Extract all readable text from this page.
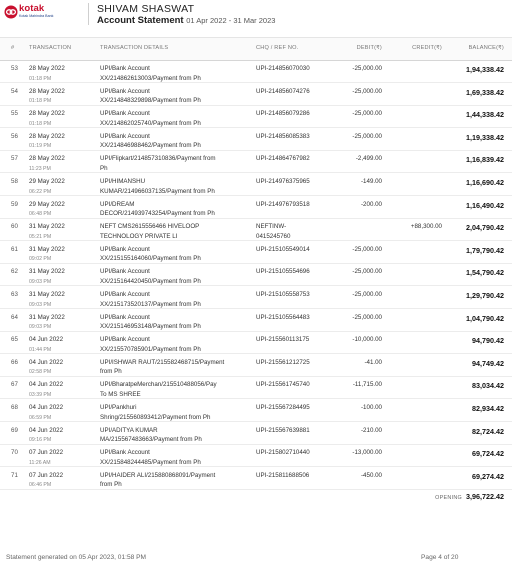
kotak
Kotak Mahindra Bank
SHIVAM SHASWAT
Account Statement 01 Apr 2022 - 31 Mar 2023
#	TRANSACTION	TRANSACTION DETAILS	CHQ / REF NO.	DEBIT(₹)	CREDIT(₹)	BALANCE(₹)
53 28 May 2022
01:18 PM
UPI/Bank Account
XX/214862613003/Payment from Ph
UPI-214856070030	-25,000.00	1,94,338.42
54 28 May 2022
01:18 PM
UPI/Bank Account
XX/214848329898/Payment from Ph
UPI-214856074276	-25,000.00	1,69,338.42
55 28 May 2022
01:18 PM
UPI/Bank Account
XX/214862025740/Payment from Ph
UPI-214856079286	-25,000.00	1,44,338.42
56 28 May 2022
01:19 PM
UPI/Bank Account
XX/214846988462/Payment from Ph
UPI-214856085383	-25,000.00	1,19,338.42
57 28 May 2022
11:23 PM
UPI/Flipkart/214857310836/Payment from
Ph
UPI-214864767982	-2,499.00	1,16,839.42
58 29 May 2022
06:22 PM
UPI/HIMANSHU
KUMAR/214966037135/Payment from Ph
UPI-214976375965	-149.00	1,16,690.42
59 29 May 2022
06:48 PM
UPI/DREAM
DECOR/214939743254/Payment from Ph
UPI-214976793518	-200.00	1,16,490.42
60 31 May 2022
05:21 PM
NEFT CMS2615556466 HIVELOOP
TECHNOLOGY PRIVATE LI
NEFTINW-
0415245760
+88,300.00	2,04,790.42
61 31 May 2022
09:02 PM
UPI/Bank Account
XX/215155164060/Payment from Ph
UPI-215105549014	-25,000.00	1,79,790.42
62 31 May 2022
09:03 PM
UPI/Bank Account
XX/215164420450/Payment from Ph
UPI-215105554696	-25,000.00	1,54,790.42
63 31 May 2022
09:03 PM
UPI/Bank Account
XX/215173520137/Payment from Ph
UPI-215105558753	-25,000.00	1,29,790.42
64 31 May 2022
09:03 PM
UPI/Bank Account
XX/215146953148/Payment from Ph
UPI-215105564483	-25,000.00	1,04,790.42
65 04 Jun 2022
01:44 PM
UPI/Bank Account
XX/215570785901/Payment from Ph
UPI-215560113175	-10,000.00	94,790.42
66 04 Jun 2022
02:58 PM
UPI/ISHWAR RAUT/215582468715/Payment
from Ph
UPI-215561212725	-41.00	94,749.42
67 04 Jun 2022
03:39 PM
UPI/BharatpeMerchan/215510488056/Pay
To MS SHREE
UPI-215561745740	-11,715.00	83,034.42
68 04 Jun 2022
06:59 PM
UPI/Pankhuri
Shring/215560893412/Payment from Ph
UPI-215567284495	-100.00	82,934.42
69 04 Jun 2022
09:16 PM
UPI/ADITYA KUMAR
MA/215567483663/Payment from Ph
UPI-215567639881	-210.00	82,724.42
70 07 Jun 2022
11:26 AM
UPI/Bank Account
XX/215848244485/Payment from Ph
UPI-215802710440	-13,000.00	69,724.42
71 07 Jun 2022
06:46 PM
UPI/HAIDER ALI/215880868091/Payment
from Ph
UPI-215811688506	-450.00	69,274.42
OPENING 3,96,722.42
Statement generated on 05 Apr 2023, 01:58 PM	Page 4 of 20
